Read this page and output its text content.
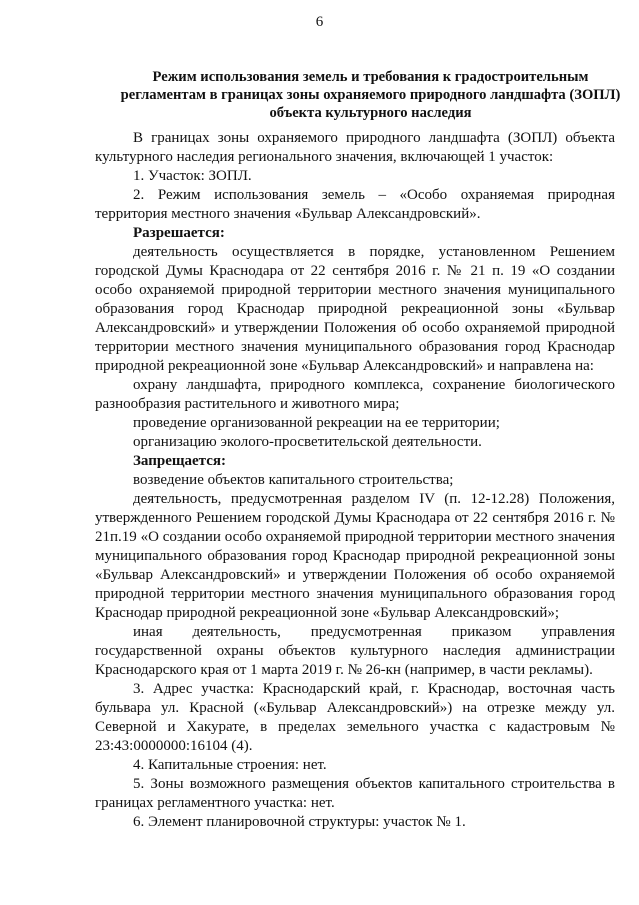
6
Режим использования земель и требования к градостроительным
регламентам в границах зоны охраняемого природного ландшафта (ЗОПЛ)
объекта культурного наследия

В границах зоны охраняемого природного ландшафта (ЗОПЛ) объекта культурного наследия регионального значения, включающей 1 участок:

1. Участок: ЗОПЛ.

2. Режим использования земель – «Особо охраняемая природная территория местного значения «Бульвар Александровский».

Разрешается:

деятельность осуществляется в порядке, установленном Решением городской Думы Краснодара от 22 сентября 2016 г. № 21 п. 19 «О создании особо охраняемой природной территории местного значения муниципального образования город Краснодар природной рекреационной зоны «Бульвар Александровский» и утверждении Положения об особо охраняемой природной территории местного значения муниципального образования город Краснодар природной рекреационной зоне «Бульвар Александровский» и направлена на:

охрану ландшафта, природного комплекса, сохранение биологического разнообразия растительного и животного мира;

проведение организованной рекреации на ее территории;

организацию эколого-просветительской деятельности.

Запрещается:

возведение объектов капитального строительства;

деятельность, предусмотренная разделом IV (п. 12-12.28) Положения, утвержденного Решением городской Думы Краснодара от 22 сентября 2016 г. № 21п.19 «О создании особо охраняемой природной территории местного значения муниципального образования город Краснодар природной рекреационной зоны «Бульвар Александровский» и утверждении Положения об особо охраняемой природной территории местного значения муниципального образования город Краснодар природной рекреационной зоне «Бульвар Александровский»;

иная деятельность, предусмотренная приказом управления государственной охраны объектов культурного наследия администрации Краснодарского края от 1 марта 2019 г. № 26-кн (например, в части рекламы).

3. Адрес участка: Краснодарский край, г. Краснодар, восточная часть бульвара ул. Красной («Бульвар Александровский») на отрезке между ул. Северной и Хакурате, в пределах земельного участка с кадастровым № 23:43:0000000:16104 (4).

4. Капитальные строения: нет.

5. Зоны возможного размещения объектов капитального строительства в границах регламентного участка: нет.

6. Элемент планировочной структуры: участок № 1.
